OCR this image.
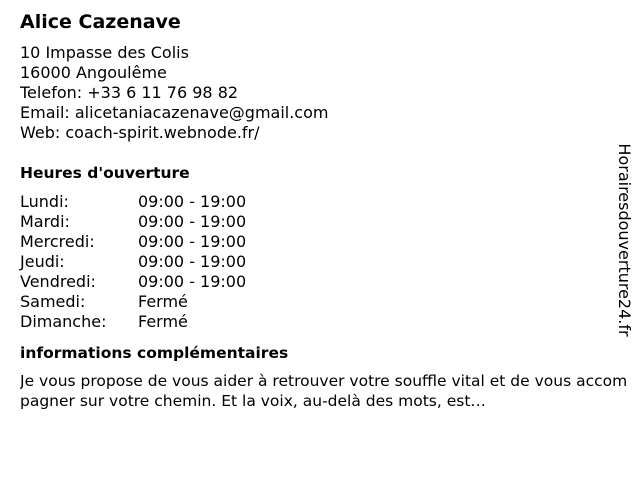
Alice Cazenave
10 Impasse des Colis
16000 Angoulême
Telefon: +33 6 11 76 98 82
Email: alicetaniacazenave@gmail.com
Web: coach-spirit.webnode.fr/
Heures d'ouverture
Lundi:	09:00 - 19:00
Mardi:	09:00 - 19:00
Mercredi:	09:00 - 19:00
Jeudi:	09:00 - 19:00
Vendredi:	09:00 - 19:00
Samedi:	Fermé
Dimanche:	Fermé
informations complémentaires
Je vous propose de vous aider à retrouver votre souffle vital et de vous accompagner sur votre chemin. Et la voix, au-delà des mots, est…
Horairesdouverture24.fr
